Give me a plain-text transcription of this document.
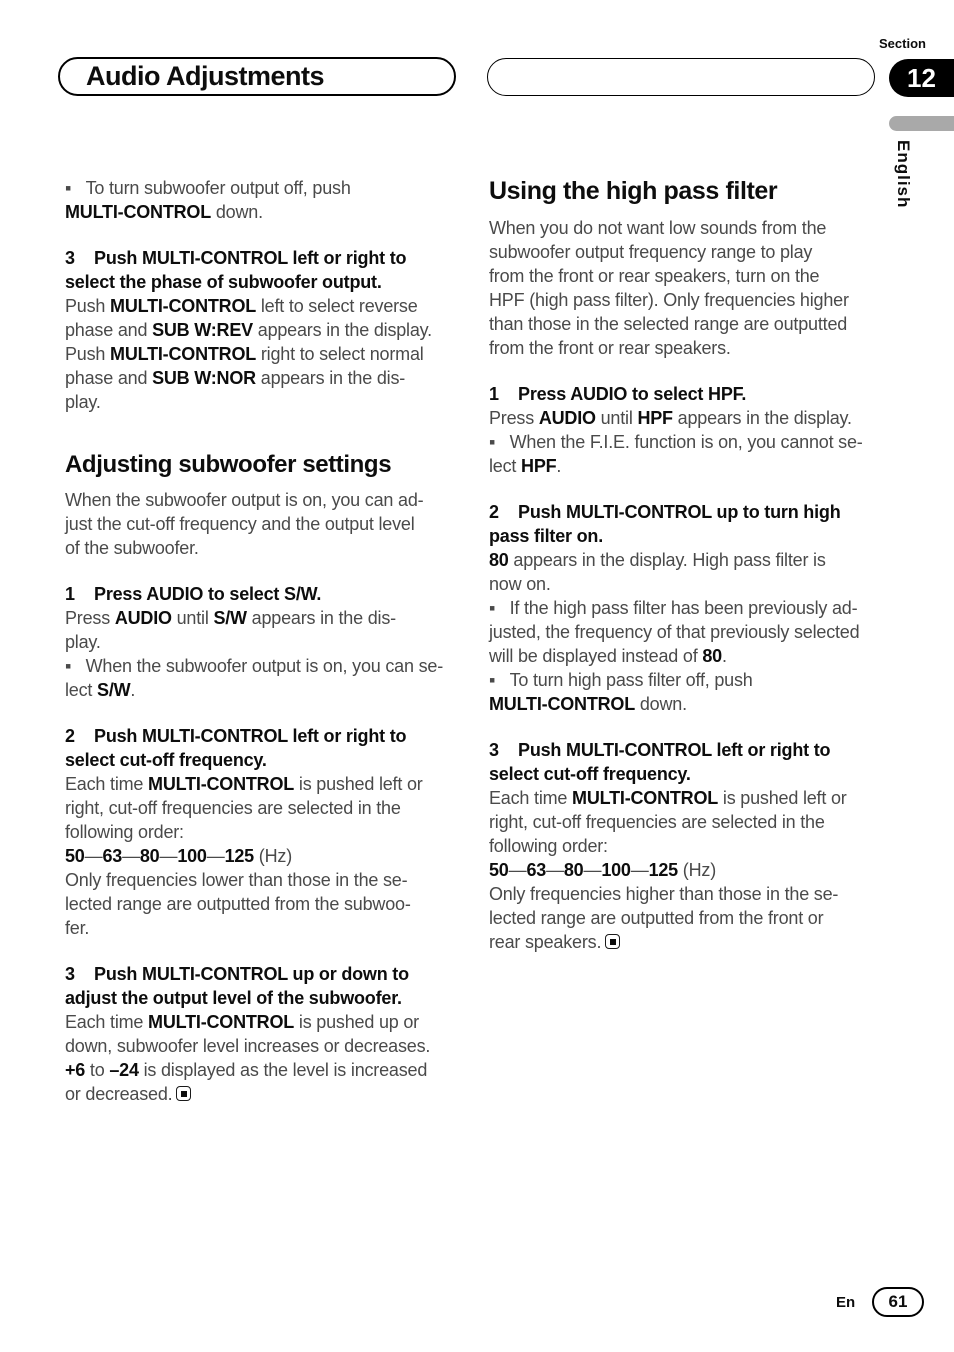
Audio Adjustments
Section
12
English
▪   To turn subwoofer output off, push
MULTI-CONTROL down.
3    Push MULTI-CONTROL left or right to
select the phase of subwoofer output.
Push MULTI-CONTROL left to select reverse
phase and SUB W:REV appears in the display.
Push MULTI-CONTROL right to select normal
phase and SUB W:NOR appears in the dis-
play.
Adjusting subwoofer settings
When the subwoofer output is on, you can ad-
just the cut-off frequency and the output level
of the subwoofer.
1    Press AUDIO to select S/W.
Press AUDIO until S/W appears in the dis-
play.
▪   When the subwoofer output is on, you can se-
lect S/W.
2    Push MULTI-CONTROL left or right to
select cut-off frequency.
Each time MULTI-CONTROL is pushed left or
right, cut-off frequencies are selected in the
following order:
50—63—80—100—125 (Hz)
Only frequencies lower than those in the se-
lected range are outputted from the subwoo-
fer.
3    Push MULTI-CONTROL up or down to
adjust the output level of the subwoofer.
Each time MULTI-CONTROL is pushed up or
down, subwoofer level increases or decreases.
+6 to –24 is displayed as the level is increased
or decreased.
Using the high pass filter
When you do not want low sounds from the
subwoofer output frequency range to play
from the front or rear speakers, turn on the
HPF (high pass filter). Only frequencies higher
than those in the selected range are outputted
from the front or rear speakers.
1    Press AUDIO to select HPF.
Press AUDIO until HPF appears in the display.
▪   When the F.I.E. function is on, you cannot se-
lect HPF.
2    Push MULTI-CONTROL up to turn high
pass filter on.
80 appears in the display. High pass filter is
now on.
▪   If the high pass filter has been previously ad-
justed, the frequency of that previously selected
will be displayed instead of 80.
▪   To turn high pass filter off, push
MULTI-CONTROL down.
3    Push MULTI-CONTROL left or right to
select cut-off frequency.
Each time MULTI-CONTROL is pushed left or
right, cut-off frequencies are selected in the
following order:
50—63—80—100—125 (Hz)
Only frequencies higher than those in the se-
lected range are outputted from the front or
rear speakers.
En 61
